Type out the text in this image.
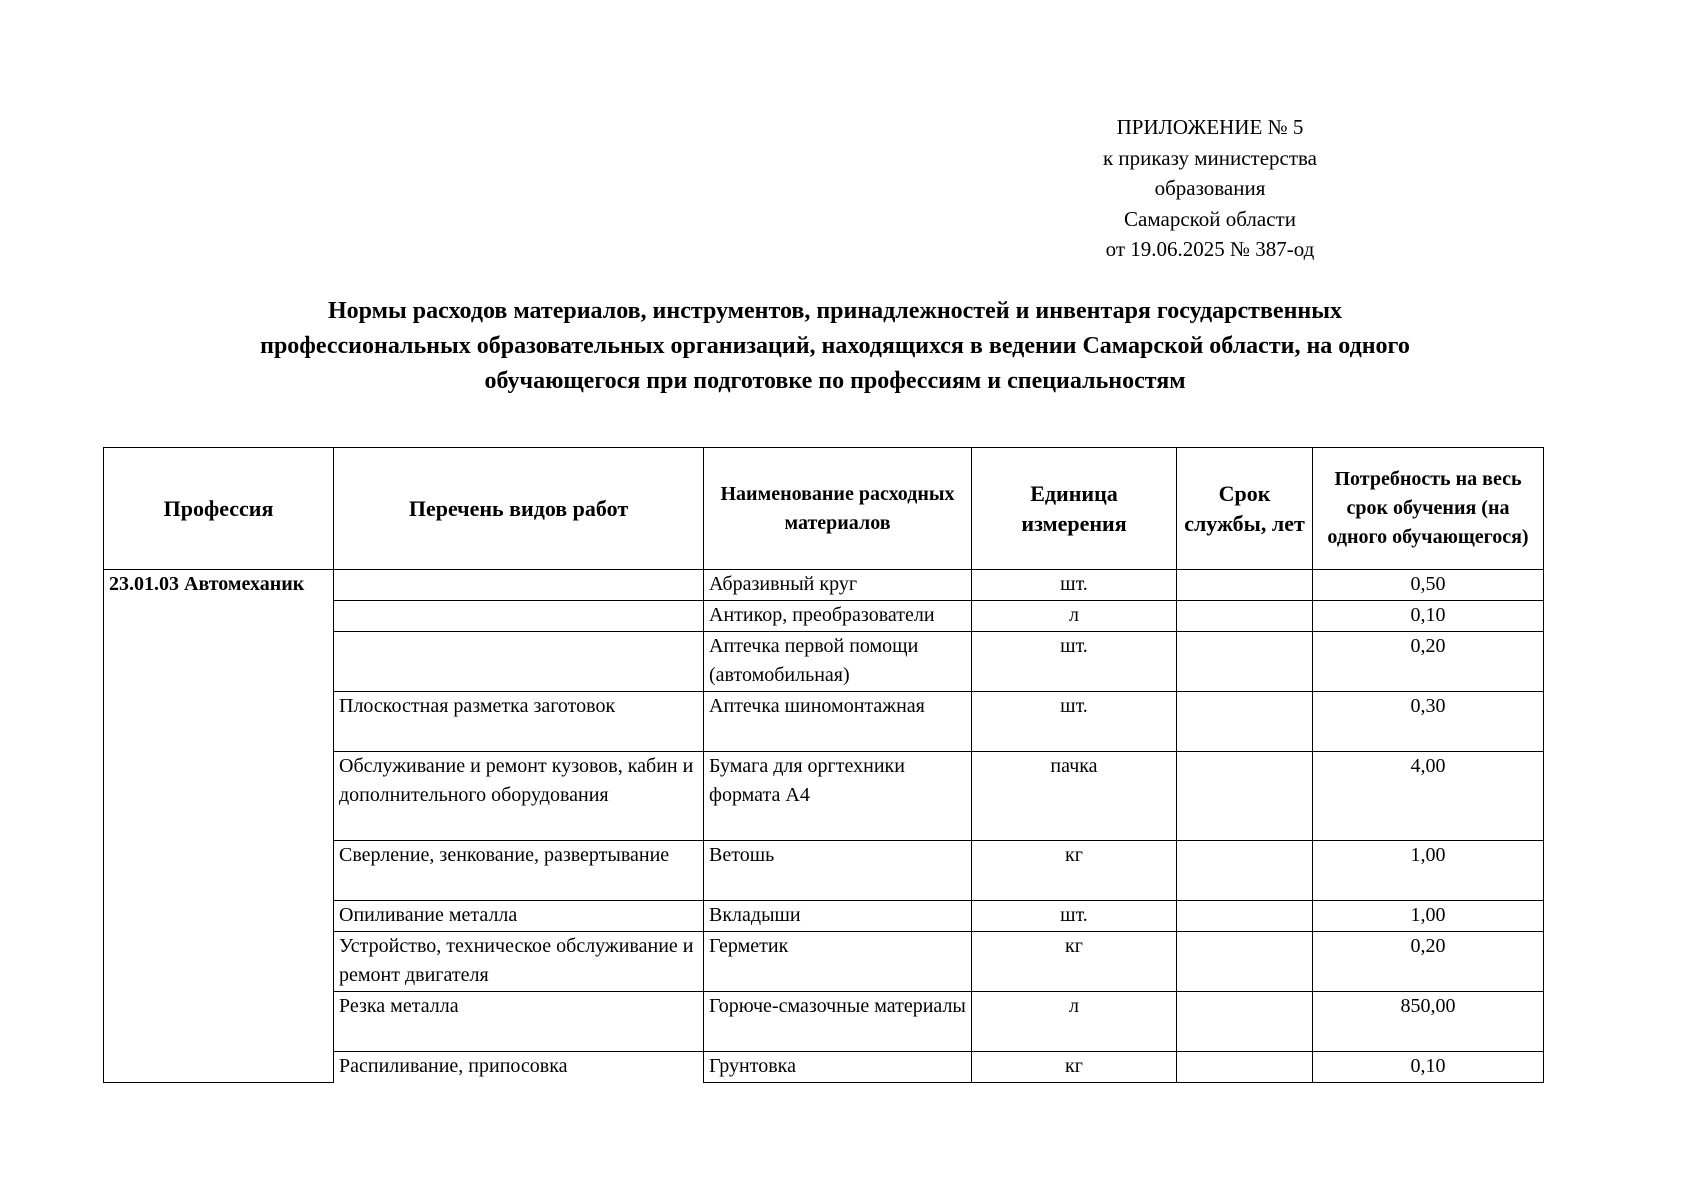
ПРИЛОЖЕНИЕ № 5
к приказу министерства
образования
Самарской области
от 19.06.2025 № 387-од
Нормы расходов материалов, инструментов, принадлежностей и инвентаря государственных
профессиональных образовательных организаций, находящихся в ведении Самарской области, на одного
обучающегося при подготовке по профессиям и специальностям
Профессия	Перечень видов работ	Наименование расходных материалов	Единица измерения	Срок службы, лет	Потребность на весь срок обучения (на одного обучающегося)
23.01.03 Автомеханик		Абразивный круг	шт.		0,50
		Антикор, преобразователи	л		0,10
		Аптечка первой помощи (автомобильная)	шт.		0,20
	Плоскостная разметка заготовок	Аптечка шиномонтажная	шт.		0,30
	Обслуживание и ремонт кузовов, кабин и дополнительного оборудования	Бумага для оргтехники формата А4	пачка		4,00
	Сверление, зенкование, развертывание	Ветошь	кг		1,00
	Опиливание металла	Вкладыши	шт.		1,00
	Устройство, техническое обслуживание и ремонт двигателя	Герметик	кг		0,20
	Резка металла	Горюче-смазочные материалы	л		850,00
	Распиливание, припосовка	Грунтовка	кг		0,10
